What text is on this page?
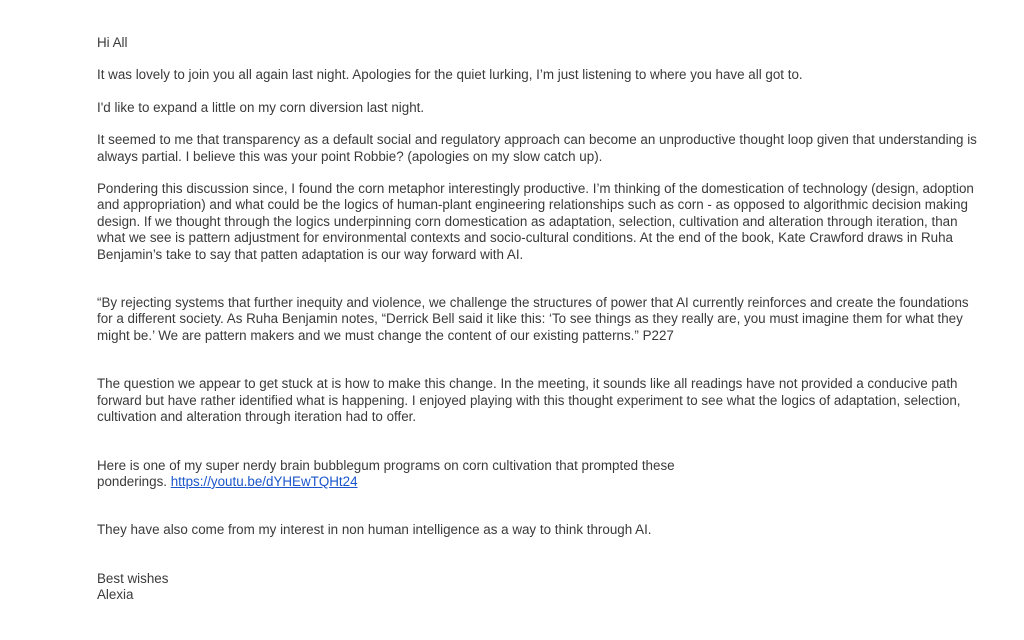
Hi All

It was lovely to join you all again last night. Apologies for the quiet lurking, I’m just listening to where you have all got to.

I'd like to expand a little on my corn diversion last night.

It seemed to me that transparency as a default social and regulatory approach can become an unproductive thought loop given that understanding is always partial. I believe this was your point Robbie? (apologies on my slow catch up).

Pondering this discussion since, I found the corn metaphor interestingly productive. I’m thinking of the domestication of technology (design, adoption and appropriation) and what could be the logics of human-plant engineering relationships such as corn - as opposed to algorithmic decision making design. If we thought through the logics underpinning corn domestication as adaptation, selection, cultivation and alteration through iteration, than what we see is pattern adjustment for environmental contexts and socio-cultural conditions. At the end of the book, Kate Crawford draws in Ruha Benjamin’s take to say that patten adaptation is our way forward with AI.

“By rejecting systems that further inequity and violence, we challenge the structures of power that AI currently reinforces and create the foundations for a different society. As Ruha Benjamin notes, “Derrick Bell said it like this: ‘To see things as they really are, you must imagine them for what they might be.’ We are pattern makers and we must change the content of our existing patterns.” P227

The question we appear to get stuck at is how to make this change. In the meeting, it sounds like all readings have not provided a conducive path forward but have rather identified what is happening. I enjoyed playing with this thought experiment to see what the logics of adaptation, selection, cultivation and alteration through iteration had to offer.

Here is one of my super nerdy brain bubblegum programs on corn cultivation that prompted these
ponderings. https://youtu.be/dYHEwTQHt24

They have also come from my interest in non human intelligence as a way to think through AI.

Best wishes

Alexia
